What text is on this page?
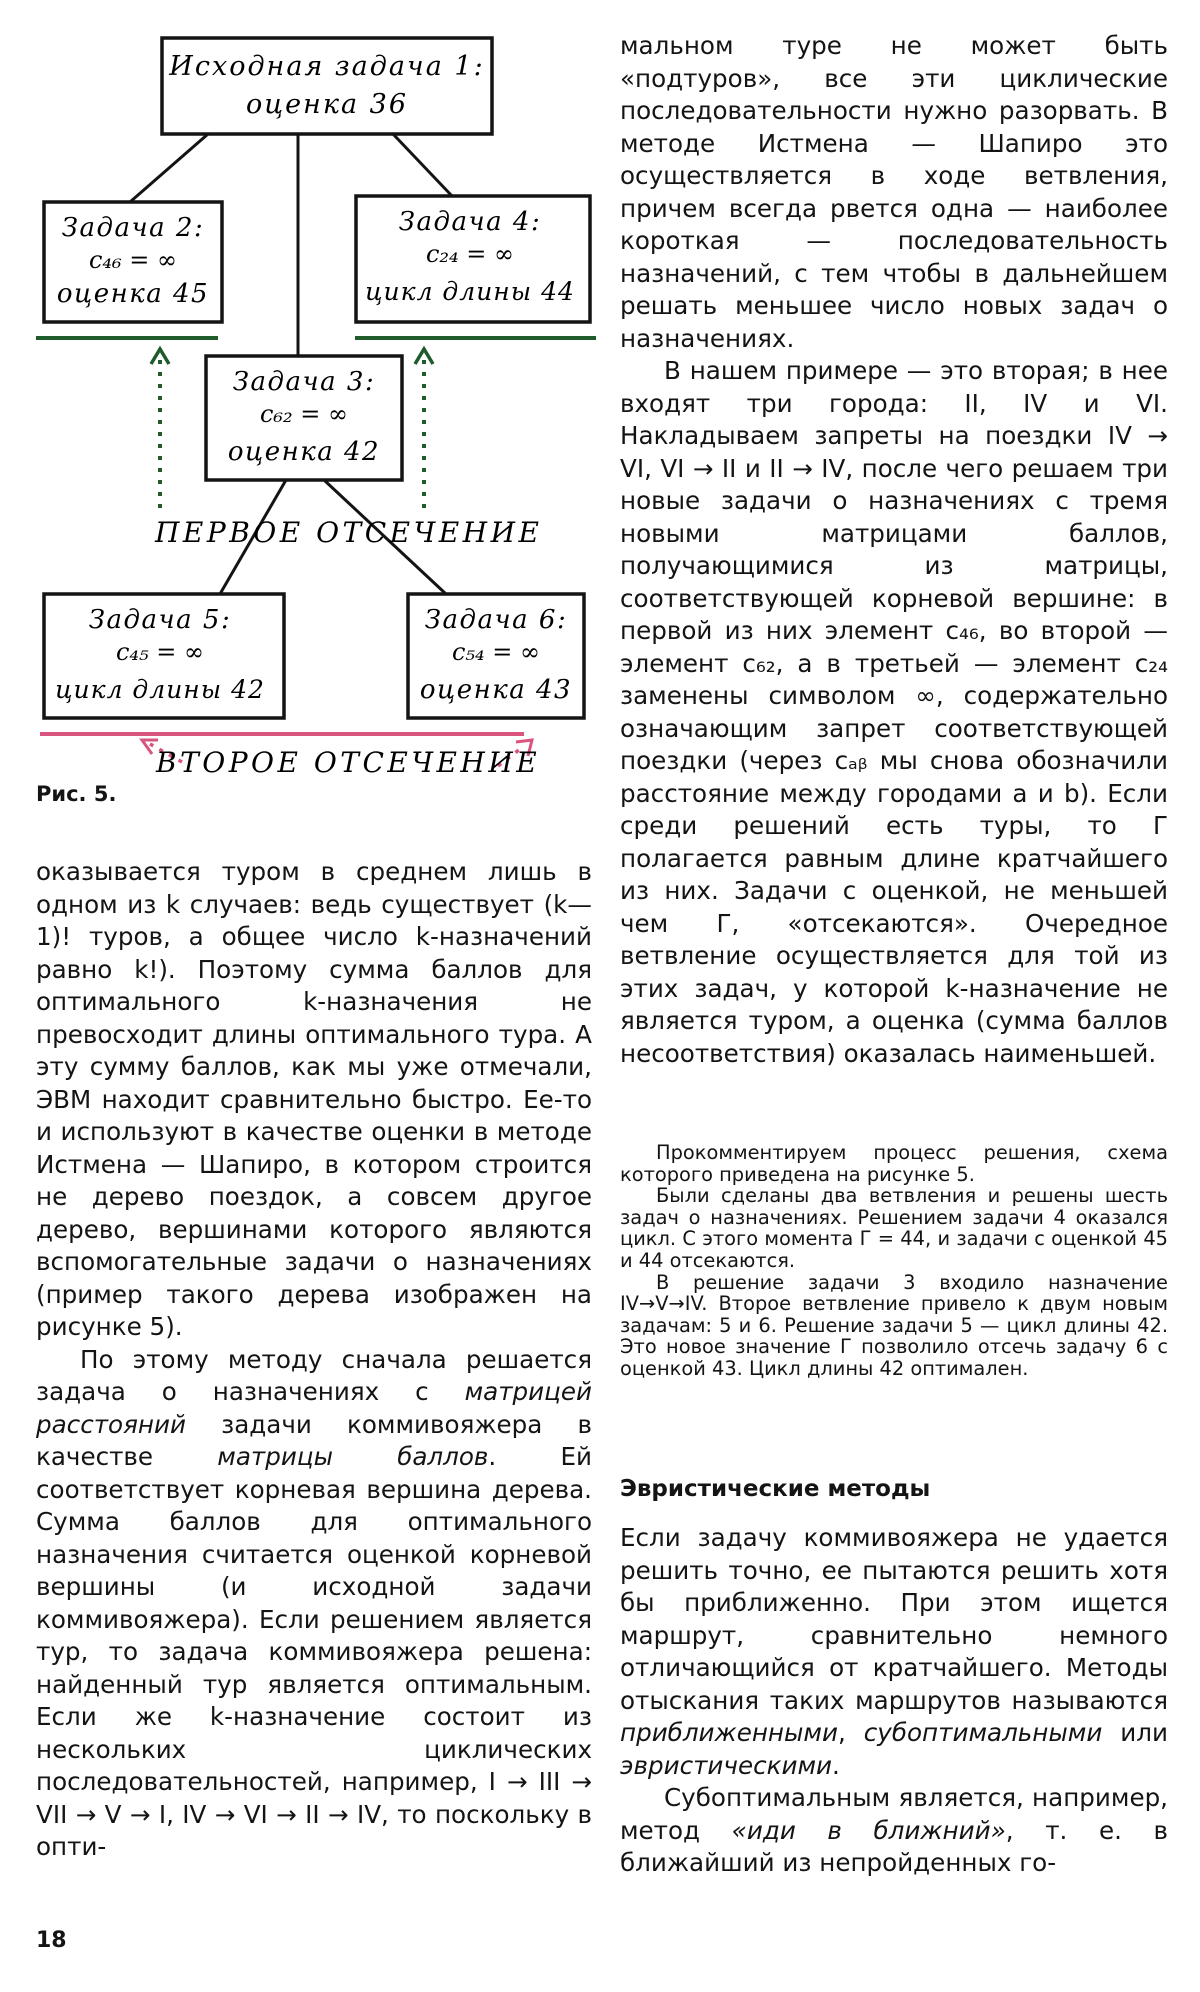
Исходная задача 1:
оценка 36
Задача 2:
c₄₆ = ∞
оценка 45
Задача 4:
c₂₄ = ∞
цикл длины 44
Задача 3:
c₆₂ = ∞
оценка 42
ПЕРВОЕ ОТСЕЧЕНИЕ
Задача 5:
c₄₅ = ∞
цикл длины 42
Задача 6:
c₅₄ = ∞
оценка 43
ВТОРОЕ ОТСЕЧЕНИЕ
Рис. 5.

оказывается туром в среднем лишь в одном из k случаев: ведь существует (k—1)! туров, а общее число k-назначений равно k!). Поэтому сумма баллов для оптимального k-назначения не превосходит длины оптимального тура. А эту сумму баллов, как мы уже отмечали, ЭВМ находит сравнительно быстро. Ее-то и используют в качестве оценки в методе Истмена — Шапиро, в котором строится не дерево поездок, а совсем другое дерево, вершинами которого являются вспомогательные задачи о назначениях (пример такого дерева изображен на рисунке 5).

По этому методу сначала решается задача о назначениях с матрицей расстояний задачи коммивояжера в качестве матрицы баллов. Ей соответствует корневая вершина дерева. Сумма баллов для оптимального назначения считается оценкой корневой вершины (и исходной задачи коммивояжера). Если решением является тур, то задача коммивояжера решена: найденный тур является оптимальным. Если же k-назначение состоит из нескольких циклических последовательностей, например, I → III → VII → V → I, IV → VI → II → IV, то поскольку в опти-

мальном туре не может быть «подтуров», все эти циклические последовательности нужно разорвать. В методе Истмена — Шапиро это осуществляется в ходе ветвления, причем всегда рвется одна — наиболее короткая — последовательность назначений, с тем чтобы в дальнейшем решать меньшее число новых задач о назначениях.

В нашем примере — это вторая; в нее входят три города: II, IV и VI. Накладываем запреты на поездки IV → VI, VI → II и II → IV, после чего решаем три новые задачи о назначениях с тремя новыми матрицами баллов, получающимися из матрицы, соответствующей корневой вершине: в первой из них элемент c₄₆, во второй — элемент c₆₂, а в третьей — элемент c₂₄ заменены символом ∞, содержательно означающим запрет соответствующей поездки (через cₐᵦ мы снова обозначили расстояние между городами a и b). Если среди решений есть туры, то Г полагается равным длине кратчайшего из них. Задачи с оценкой, не меньшей чем Г, «отсекаются». Очередное ветвление осуществляется для той из этих задач, у которой k-назначение не является туром, а оценка (сумма баллов несоответствия) оказалась наименьшей.

Прокомментируем процесс решения, схема которого приведена на рисунке 5.

Были сделаны два ветвления и решены шесть задач о назначениях. Решением задачи 4 оказался цикл. С этого момента Г = 44, и задачи с оценкой 45 и 44 отсекаются.

В решение задачи 3 входило назначение IV→V→IV. Второе ветвление привело к двум новым задачам: 5 и 6. Решение задачи 5 — цикл длины 42. Это новое значение Г позволило отсечь задачу 6 с оценкой 43. Цикл длины 42 оптимален.

Эвристические методы

Если задачу коммивояжера не удается решить точно, ее пытаются решить хотя бы приближенно. При этом ищется маршрут, сравнительно немного отличающийся от кратчайшего. Методы отыскания таких маршрутов называются приближенными, субоптимальными или эвристическими.

Субоптимальным является, например, метод «иди в ближний», т. е. в ближайший из непройденных го-

18
